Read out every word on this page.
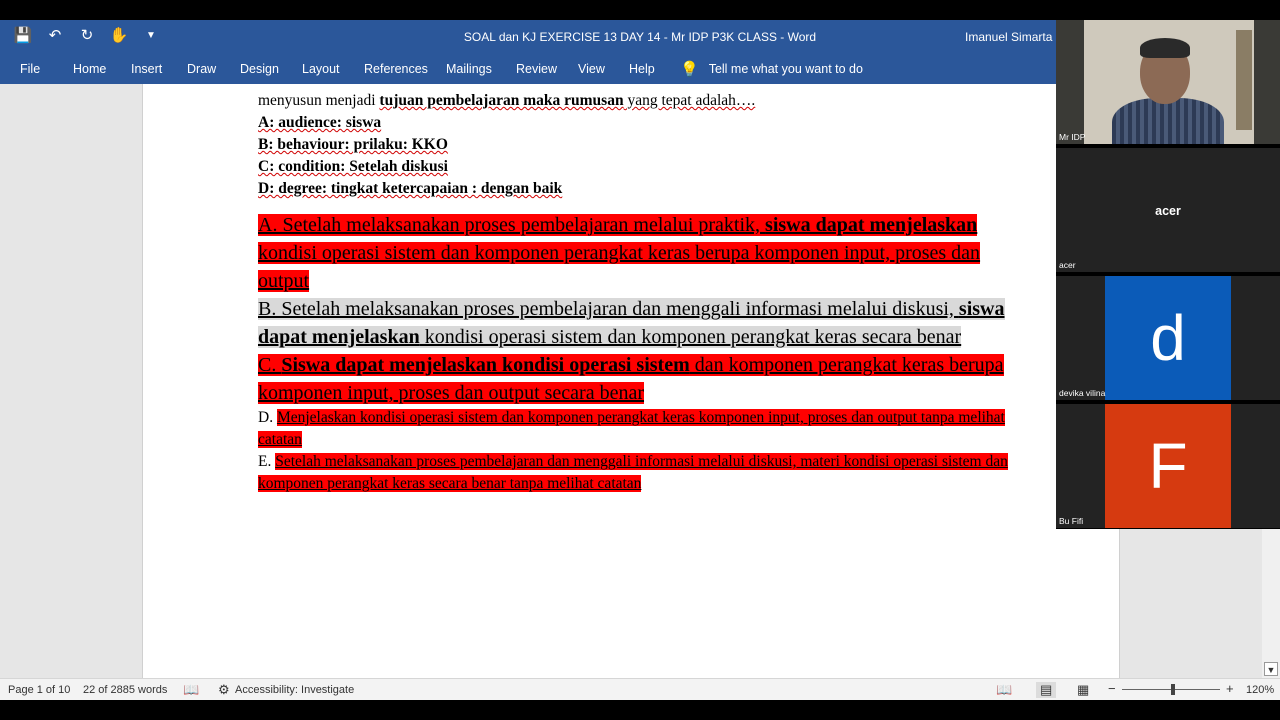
💾	↶	↻	✋	▼	SOAL dan KJ EXERCISE 13 DAY 14 - Mr IDP P3K CLASS - Word	Imanuel Simarta
File	Home Insert Draw Design Layout References Mailings Review View Help 💡 Tell me what you want to do
menyusun menjadi tujuan pembelajaran maka rumusan yang tepat adalah….
A: audience: siswa
B: behaviour: prilaku: KKO
C: condition: Setelah diskusi
D: degree: tingkat ketercapaian : dengan baik
A. Setelah melaksanakan proses pembelajaran melalui praktik, siswa dapat menjelaskan kondisi operasi sistem dan komponen perangkat keras berupa komponen input, proses dan output
B. Setelah melaksanakan proses pembelajaran dan menggali informasi melalui diskusi, siswa dapat menjelaskan kondisi operasi sistem dan komponen perangkat keras secara benar
C. Siswa dapat menjelaskan kondisi operasi sistem dan komponen perangkat keras berupa komponen input, proses dan output secara benar
D. Menjelaskan kondisi operasi sistem dan komponen perangkat keras komponen input, proses dan output tanpa melihat catatan
E. Setelah melaksanakan proses pembelajaran dan menggali informasi melalui diskusi, materi kondisi operasi sistem dan komponen perangkat keras secara benar tanpa melihat catatan
▼
Page 1 of 10 22 of 2885 words 📖 ⚙ Accessibility: Investigate	📖	▤	▦ −	+ 120%
Mr IDP
acer
acer
d
devika vilina
F
Bu Fifi
